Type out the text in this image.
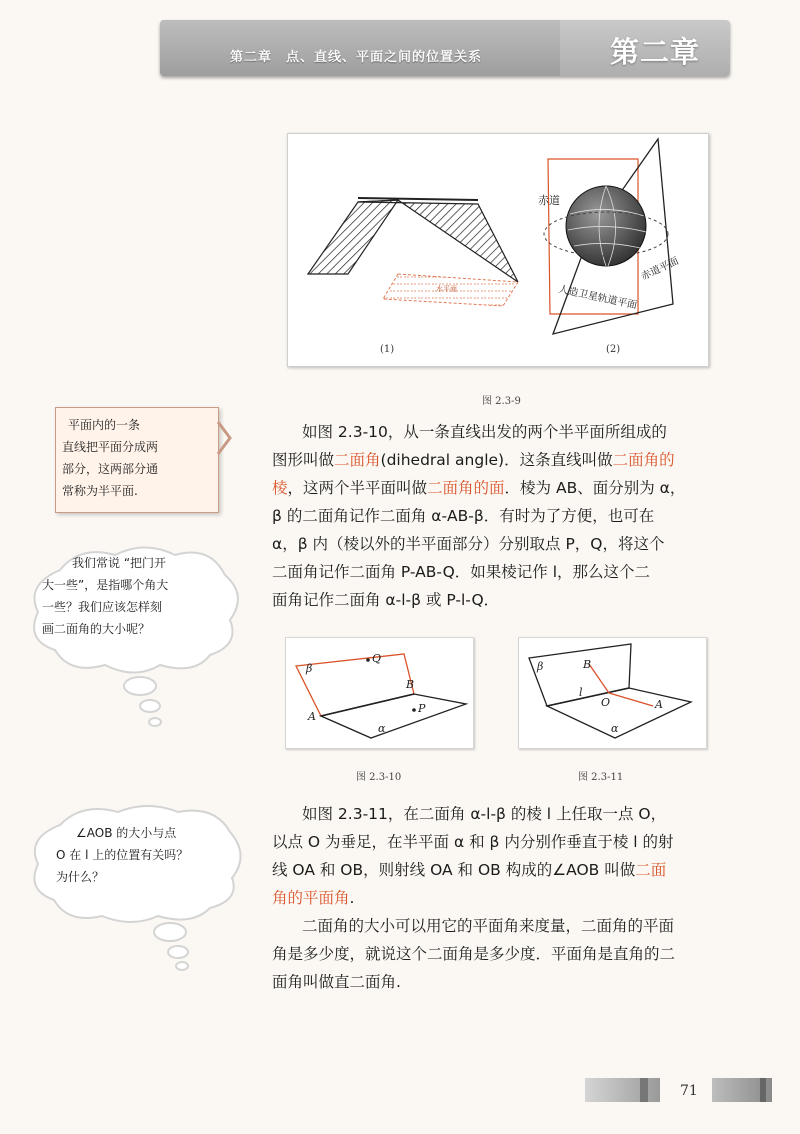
第二章　点、直线、平面之间的位置关系	第二章
水平面
(1)
赤道
赤道平面
人造卫星轨道平面
(2)
图 2.3-9
平面内的一条
直线把平面分成两
部分，这两部分通
常称为半平面.
我们常说 “把门开
大一些”，是指哪个角大
一些？我们应该怎样刻
画二面角的大小呢？
如图 2.3-10，从一条直线出发的两个半平面所组成的
图形叫做二面角(dihedral angle)．这条直线叫做二面角的
棱，这两个半平面叫做二面角的面．棱为 AB、面分别为 α，
β 的二面角记作二面角 α-AB-β．有时为了方便，也可在
α，β 内（棱以外的半平面部分）分别取点 P，Q，将这个
二面角记作二面角 P-AB-Q．如果棱记作 l，那么这个二
面角记作二面角 α-l-β 或 P-l-Q．
β
Q
B
A
P
α
图 2.3-10
β	B
l
O	A
α
图 2.3-11
∠AOB 的大小与点
O 在 l 上的位置有关吗？
为什么？
如图 2.3-11，在二面角 α-l-β 的棱 l 上任取一点 O，
以点 O 为垂足，在半平面 α 和 β 内分别作垂直于棱 l 的射
线 OA 和 OB，则射线 OA 和 OB 构成的∠AOB 叫做二面
角的平面角.
二面角的大小可以用它的平面角来度量，二面角的平面
角是多少度，就说这个二面角是多少度．平面角是直角的二
面角叫做直二面角.
71
